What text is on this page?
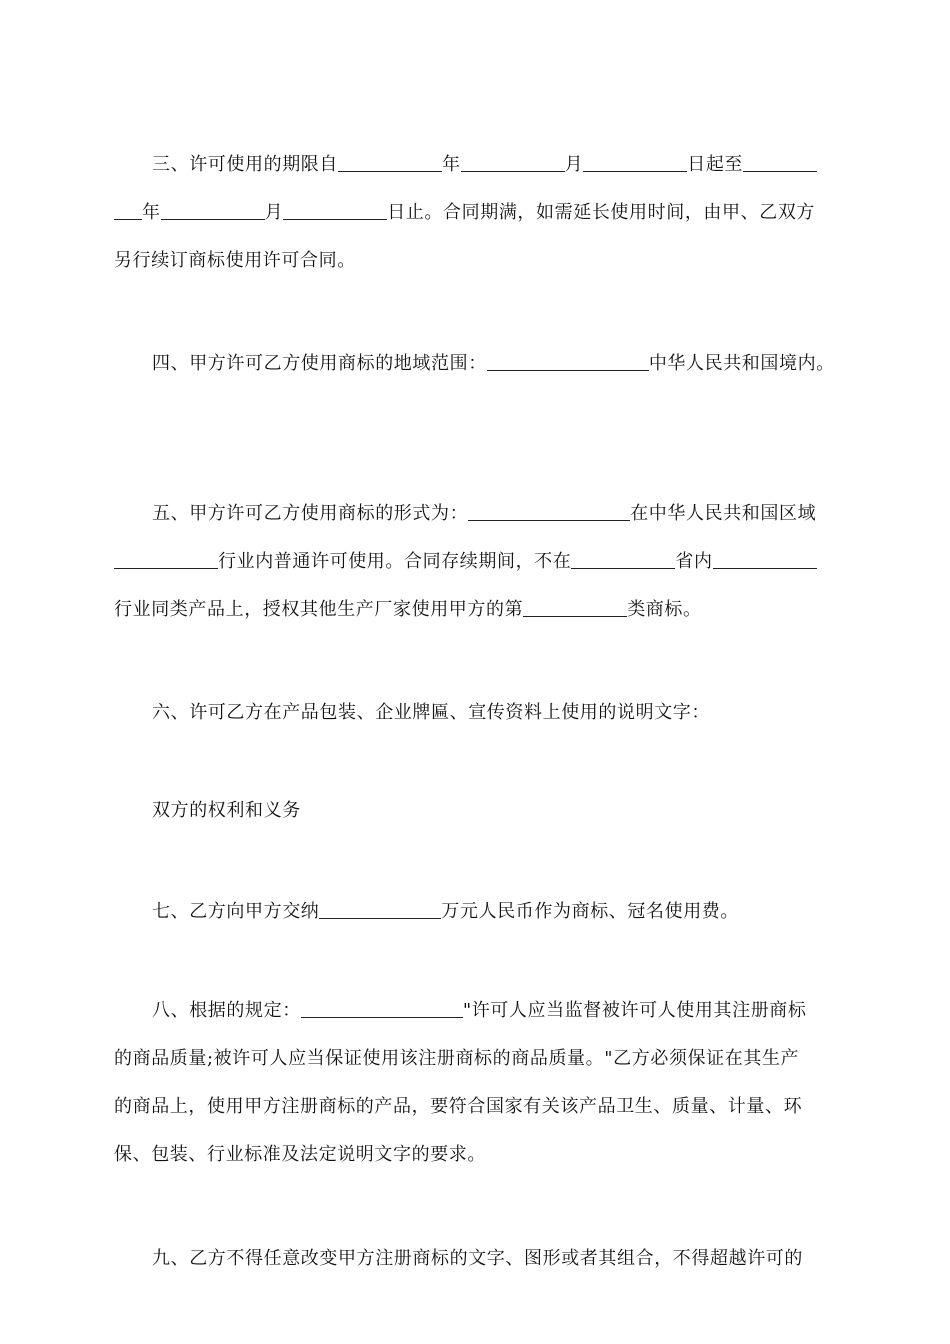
三、许可使用的期限自	年	月	日起至
年	月	日止。合同期满，如需延长使用时间，由甲、乙双方
另行续订商标使用许可合同。
四、甲方许可乙方使用商标的地域范围：	中华人民共和国境内。
五、甲方许可乙方使用商标的形式为：	在中华人民共和国区域
行业内普通许可使用。合同存续期间，不在	省内
行业同类产品上，授权其他生产厂家使用甲方的第	类商标。
六、许可乙方在产品包装、企业牌匾、宣传资料上使用的说明文字：
双方的权利和义务
七、乙方向甲方交纳	万元人民币作为商标、冠名使用费。
八、根据的规定：	"许可人应当监督被许可人使用其注册商标
的商品质量;被许可人应当保证使用该注册商标的商品质量。"乙方必须保证在其生产
的商品上，使用甲方注册商标的产品，要符合国家有关该产品卫生、质量、计量、环
保、包装、行业标准及法定说明文字的要求。
九、乙方不得任意改变甲方注册商标的文字、图形或者其组合，不得超越许可的
